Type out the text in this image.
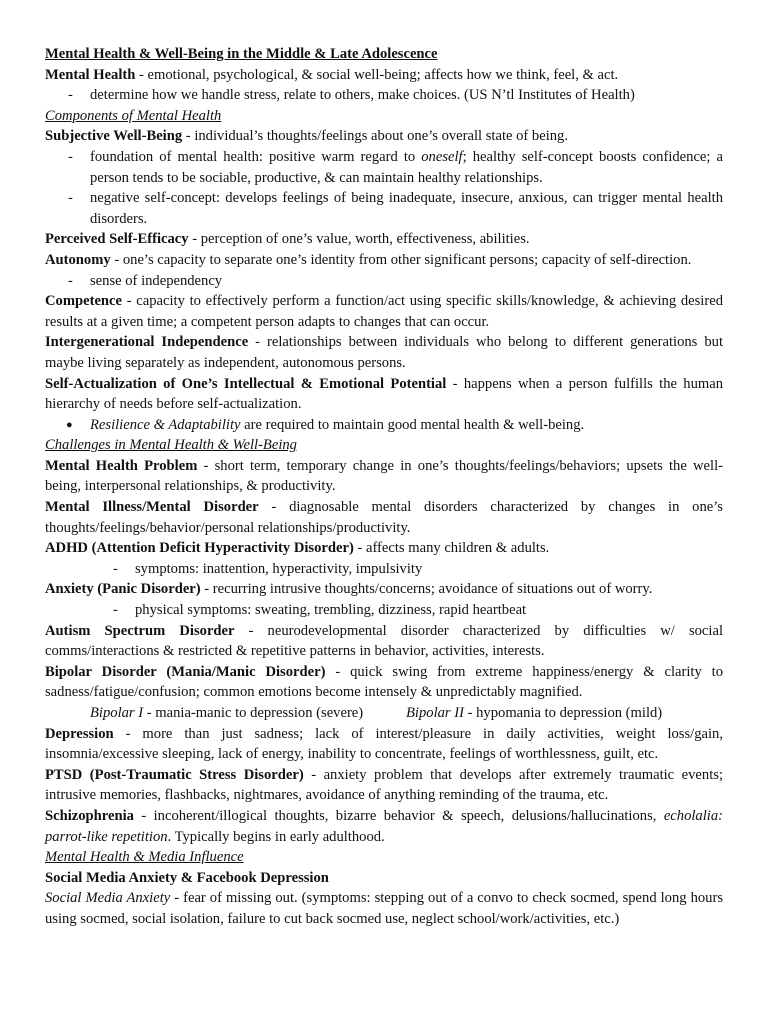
Mental Health & Well-Being in the Middle & Late Adolescence

Mental Health - emotional, psychological, & social well-being; affects how we think, feel, & act.

- determine how we handle stress, relate to others, make choices. (US N’tl Institutes of Health)

Components of Mental Health

Subjective Well-Being - individual’s thoughts/feelings about one’s overall state of being.

- foundation of mental health: positive warm regard to oneself; healthy self-concept boosts confidence; a person tends to be sociable, productive, & can maintain healthy relationships.

- negative self-concept: develops feelings of being inadequate, insecure, anxious, can trigger mental health disorders.

Perceived Self-Efficacy - perception of one’s value, worth, effectiveness, abilities.

Autonomy - one’s capacity to separate one’s identity from other significant persons; capacity of self-direction.

- sense of independency

Competence - capacity to effectively perform a function/act using specific skills/knowledge, & achieving desired results at a given time; a competent person adapts to changes that can occur.

Intergenerational Independence - relationships between individuals who belong to different generations but maybe living separately as independent, autonomous persons.

Self-Actualization of One’s Intellectual & Emotional Potential - happens when a person fulfills the human hierarchy of needs before self-actualization.

● Resilience & Adaptability are required to maintain good mental health & well-being.

Challenges in Mental Health & Well-Being

Mental Health Problem - short term, temporary change in one’s thoughts/feelings/behaviors; upsets the well-being, interpersonal relationships, & productivity.

Mental Illness/Mental Disorder - diagnosable mental disorders characterized by changes in one’s thoughts/feelings/behavior/personal relationships/productivity.

ADHD (Attention Deficit Hyperactivity Disorder) - affects many children & adults.

- symptoms: inattention, hyperactivity, impulsivity

Anxiety (Panic Disorder) - recurring intrusive thoughts/concerns; avoidance of situations out of worry.

- physical symptoms: sweating, trembling, dizziness, rapid heartbeat

Autism Spectrum Disorder - neurodevelopmental disorder characterized by difficulties w/ social comms/interactions & restricted & repetitive patterns in behavior, activities, interests.

Bipolar Disorder (Mania/Manic Disorder) - quick swing from extreme happiness/energy & clarity to sadness/fatigue/confusion; common emotions become intensely & unpredictably magnified.

Bipolar I - mania-manic to depression (severe)	Bipolar II - hypomania to depression (mild)

Depression - more than just sadness; lack of interest/pleasure in daily activities, weight loss/gain, insomnia/excessive sleeping, lack of energy, inability to concentrate, feelings of worthlessness, guilt, etc.

PTSD (Post-Traumatic Stress Disorder) - anxiety problem that develops after extremely traumatic events; intrusive memories, flashbacks, nightmares, avoidance of anything reminding of the trauma, etc.

Schizophrenia - incoherent/illogical thoughts, bizarre behavior & speech, delusions/hallucinations, echolalia: parrot-like repetition. Typically begins in early adulthood.

Mental Health & Media Influence

Social Media Anxiety & Facebook Depression

Social Media Anxiety - fear of missing out. (symptoms: stepping out of a convo to check socmed, spend long hours using socmed, social isolation, failure to cut back socmed use, neglect school/work/activities, etc.)
